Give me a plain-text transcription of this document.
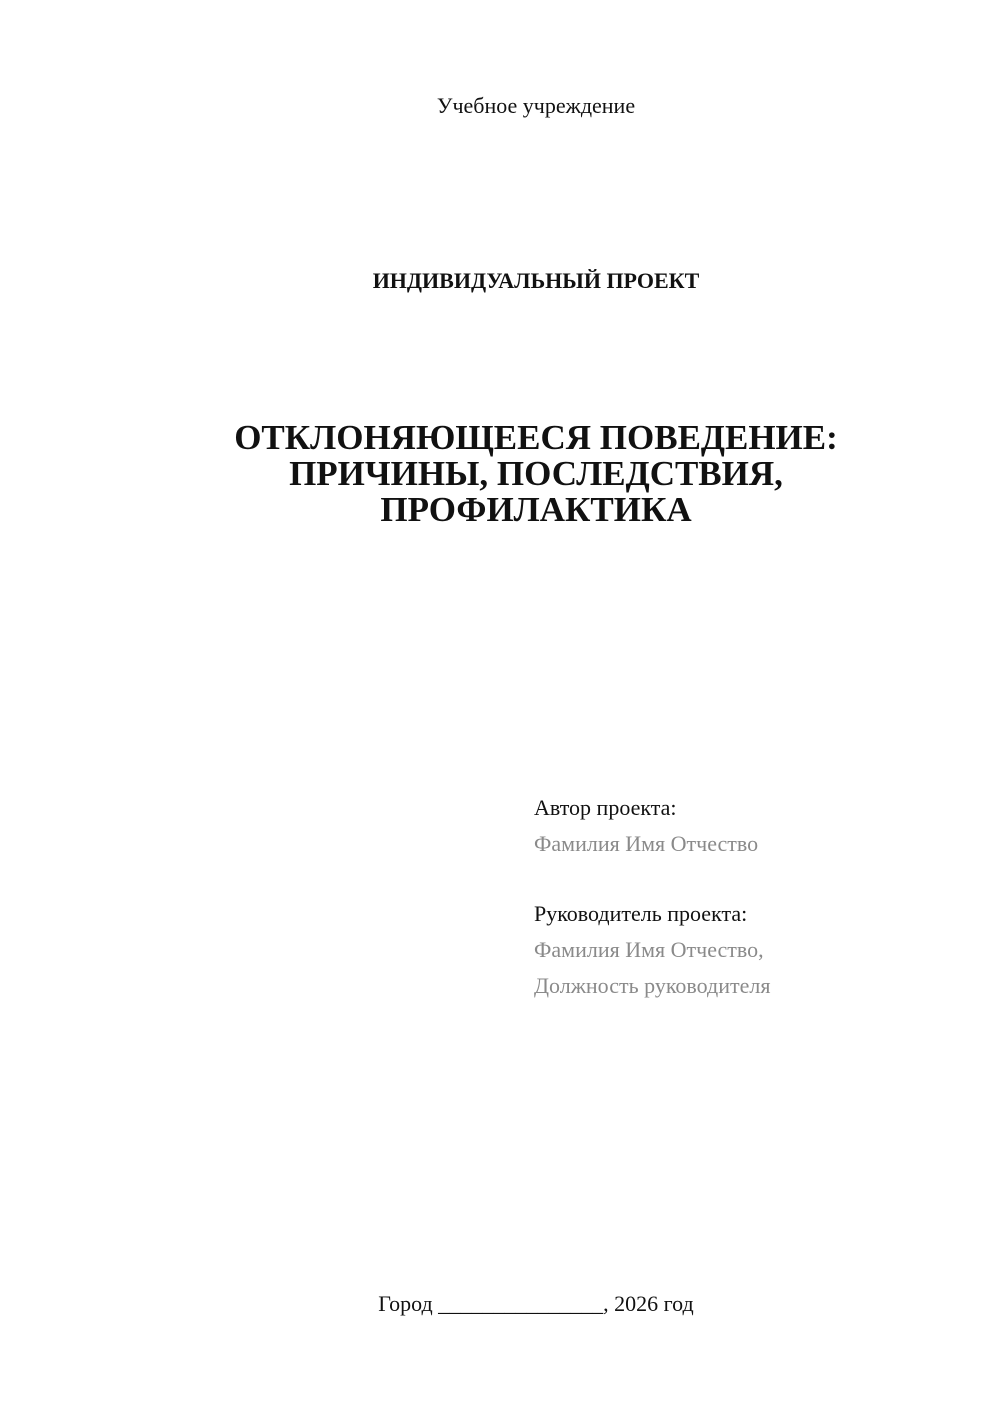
Учебное учреждение
ИНДИВИДУАЛЬНЫЙ ПРОЕКТ
ОТКЛОНЯЮЩЕЕСЯ ПОВЕДЕНИЕ:
ПРИЧИНЫ, ПОСЛЕДСТВИЯ,
ПРОФИЛАКТИКА
Автор проекта:
Фамилия Имя Отчество
Руководитель проекта:
Фамилия Имя Отчество,
Должность руководителя
Город _______________, 2026 год
